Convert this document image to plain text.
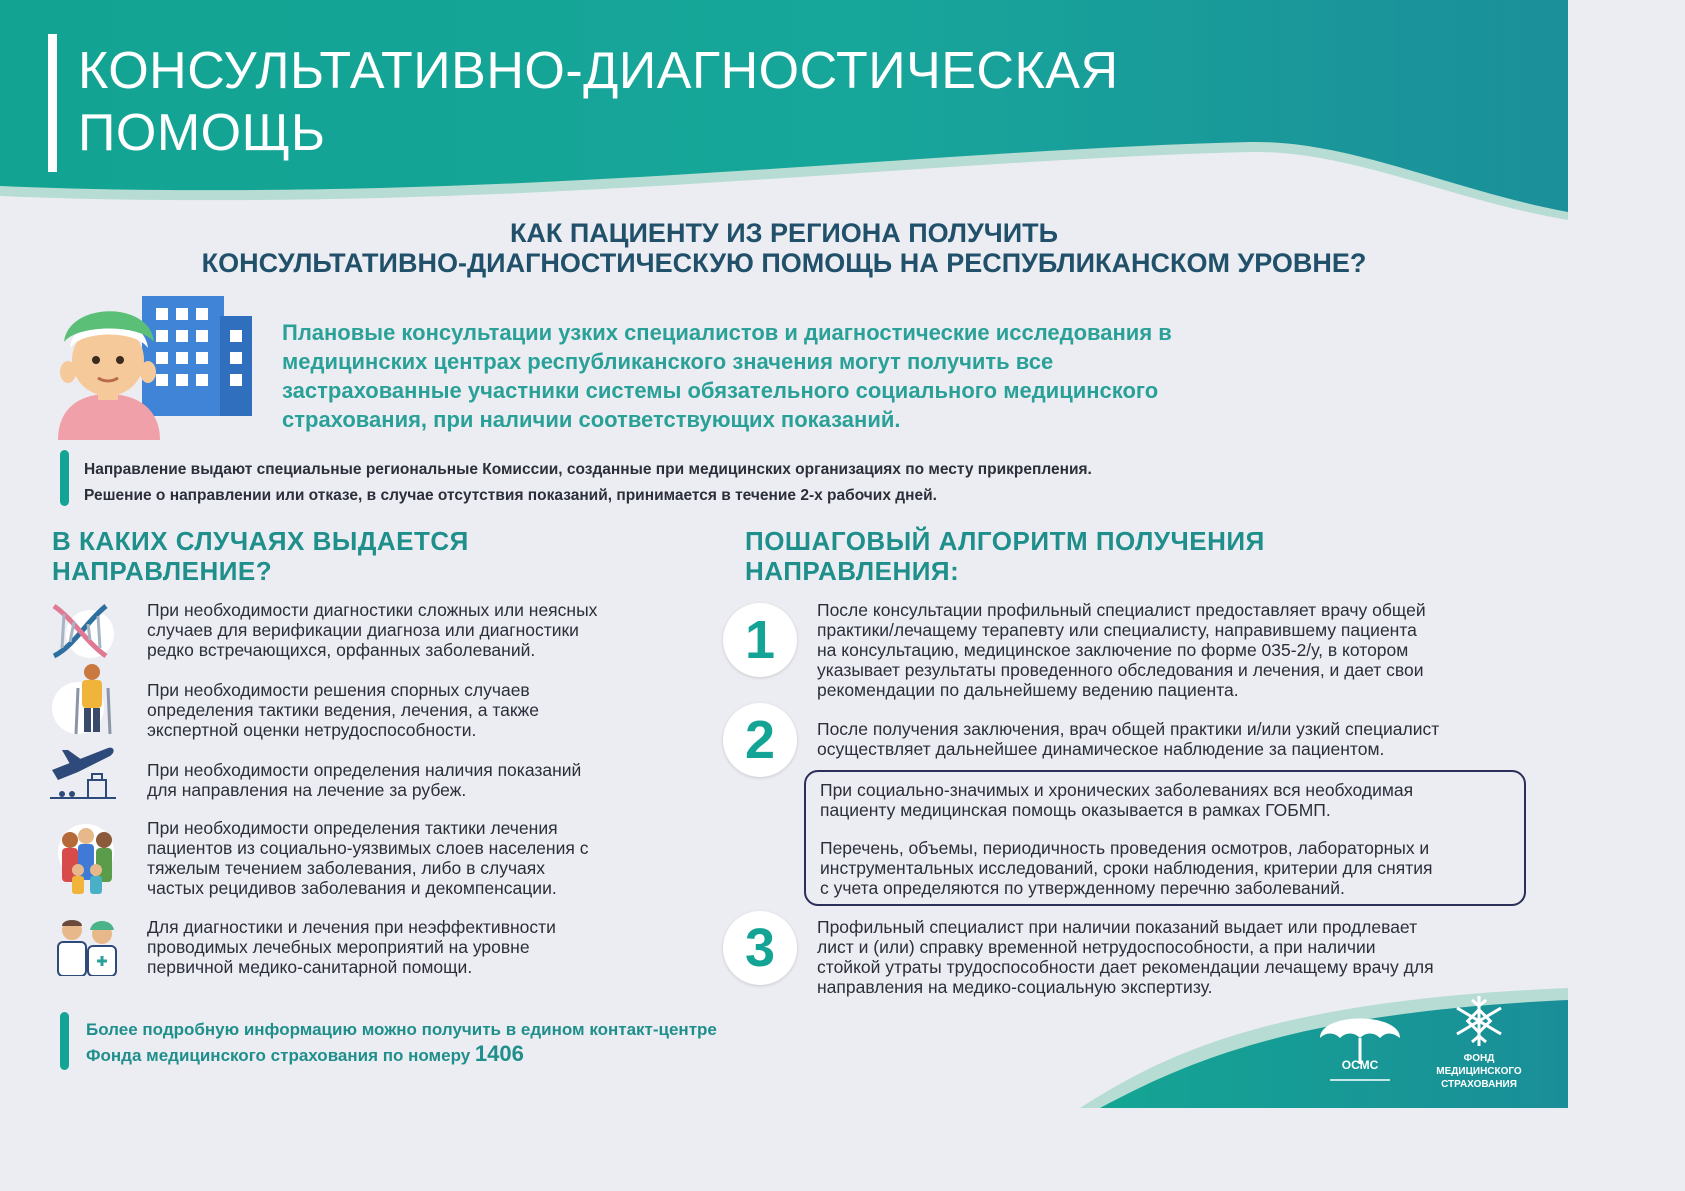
КОНСУЛЬТАТИВНО-ДИАГНОСТИЧЕСКАЯ
ПОМОЩЬ
КАК ПАЦИЕНТУ ИЗ РЕГИОНА ПОЛУЧИТЬ
КОНСУЛЬТАТИВНО-ДИАГНОСТИЧЕСКУЮ ПОМОЩЬ НА РЕСПУБЛИКАНСКОМ УРОВНЕ?
Плановые консультации узких специалистов и диагностические исследования в
медицинских центрах республиканского значения могут получить все
застрахованные участники системы обязательного социального медицинского
страхования, при наличии соответствующих показаний.
Направление выдают специальные региональные Комиссии, созданные при медицинских организациях по месту прикрепления.
Решение о направлении или отказе, в случае отсутствия показаний, принимается в течение 2-х рабочих дней.
В КАКИХ СЛУЧАЯХ ВЫДАЕТСЯ
НАПРАВЛЕНИЕ?
При необходимости диагностики сложных или неясных
случаев для верификации диагноза или диагностики
редко встречающихся, орфанных заболеваний.
При необходимости решения спорных случаев
определения тактики ведения, лечения, а также
экспертной оценки нетрудоспособности.
При необходимости определения наличия показаний
для направления на лечение за рубеж.
При необходимости определения тактики лечения
пациентов из социально-уязвимых слоев населения с
тяжелым течением заболевания, либо в случаях
частых рецидивов заболевания и декомпенсации.
Для диагностики и лечения при неэффективности
проводимых лечебных мероприятий на уровне
первичной медико-санитарной помощи.
ПОШАГОВЫЙ АЛГОРИТМ ПОЛУЧЕНИЯ
НАПРАВЛЕНИЯ:
1	После консультации профильный специалист предоставляет врачу общей
практики/лечащему терапевту или специалисту, направившему пациента
на консультацию, медицинское заключение по форме 035-2/у, в котором
указывает результаты проведенного обследования и лечения, и дает свои
рекомендации по дальнейшему ведению пациента.
2	После получения заключения, врач общей практики и/или узкий специалист
осуществляет дальнейшее динамическое наблюдение за пациентом.
При социально-значимых и хронических заболеваниях вся необходимая
пациенту медицинская помощь оказывается в рамках ГОБМП.
Перечень, объемы, периодичность проведения осмотров, лабораторных и
инструментальных исследований, сроки наблюдения, критерии для снятия
с учета определяются по утвержденному перечню заболеваний.
3	Профильный специалист при наличии показаний выдает или продлевает
лист и (или) справку временной нетрудоспособности, а при наличии
стойкой утраты трудоспособности дает рекомендации лечащему врачу для
направления на медико-социальную экспертизу.
Более подробную информацию можно получить в едином контакт-центре
Фонда медицинского страхования по номеру 1406	ОСМС	ФОНД
МЕДИЦИНСКОГО
СТРАХОВАНИЯ
